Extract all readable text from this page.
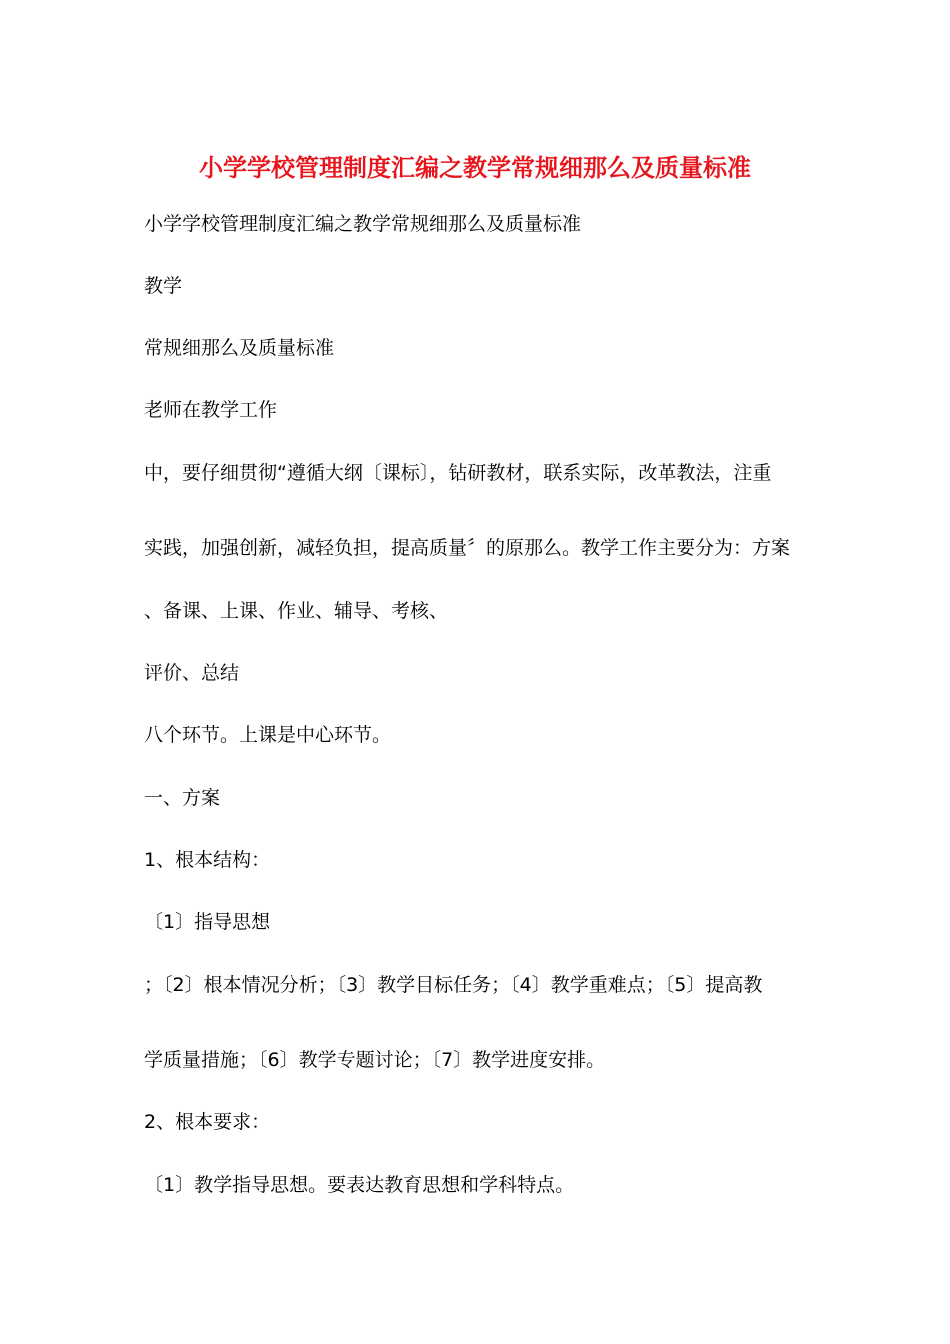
小学学校管理制度汇编之教学常规细那么及质量标准
小学学校管理制度汇编之教学常规细那么及质量标准
教学
常规细那么及质量标准
老师在教学工作
中，要仔细贯彻“遵循大纲〔课标〕，钻研教材，联系实际，改革教法，注重
实践，加强创新，减轻负担，提高质量〞的原那么。教学工作主要分为：方案
、备课、上课、作业、辅导、考核、
评价、总结
八个环节。上课是中心环节。
一、方案
1、根本结构：
〔1〕指导思想
；〔2〕根本情况分析；〔3〕教学目标任务；〔4〕教学重难点；〔5〕提高教
学质量措施；〔6〕教学专题讨论；〔7〕教学进度安排。
2、根本要求：
〔1〕教学指导思想。要表达教育思想和学科特点。
